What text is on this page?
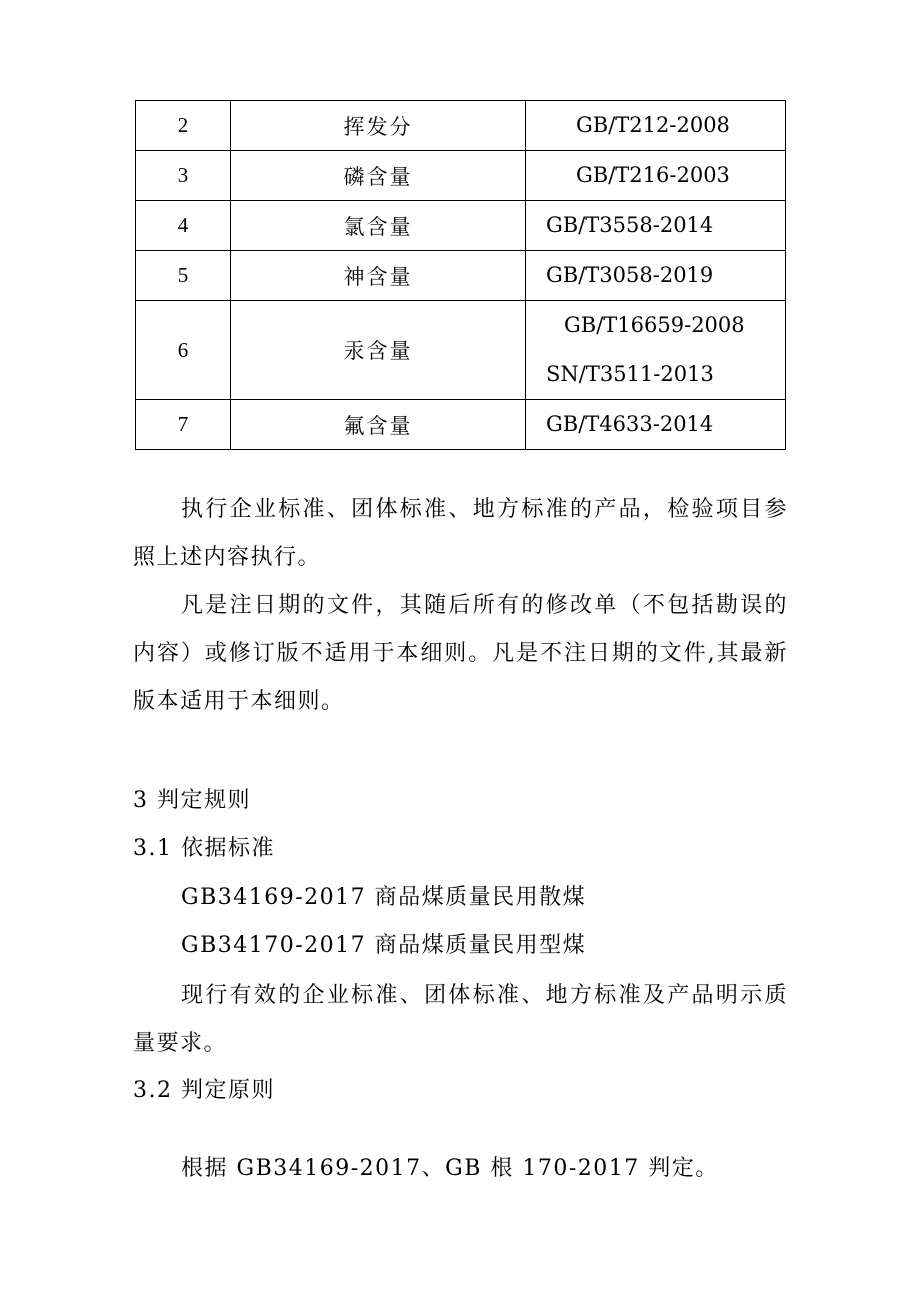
2	挥发分	GB/T212-2008

3	磷含量	GB/T216-2003

4	氯含量	GB/T3558-2014

5	神含量	GB/T3058-2019

6	汞含量	GB/T16659-2008
SN/T3511-2013

7	氟含量	GB/T4633-2014

执行企业标准、团体标准、地方标准的产品，检验项目参照上述内容执行。

凡是注日期的文件，其随后所有的修改单（不包括勘误的内容）或修订版不适用于本细则。凡是不注日期的文件,其最新版本适用于本细则。

3 判定规则

3.1 依据标准

GB34169-2017 商品煤质量民用散煤

GB34170-2017 商品煤质量民用型煤

现行有效的企业标准、团体标准、地方标准及产品明示质量要求。

3.2 判定原则

根据 GB34169-2017、GB 根 170-2017 判定。
